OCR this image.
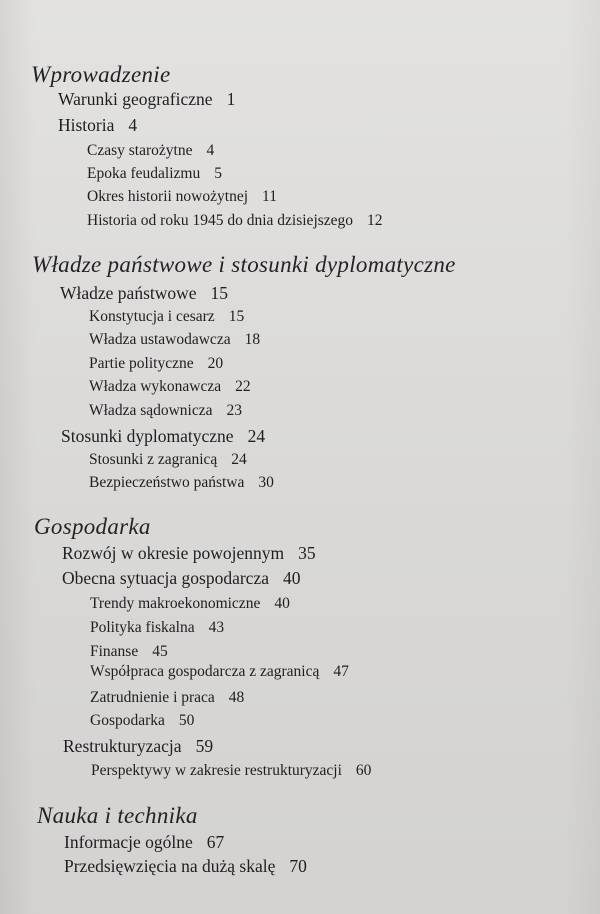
Wprowadzenie
Warunki geograficzne 1
Historia 4
Czasy starożytne 4
Epoka feudalizmu 5
Okres historii nowożytnej 11
Historia od roku 1945 do dnia dzisiejszego 12
Władze państwowe i stosunki dyplomatyczne
Władze państwowe 15
Konstytucja i cesarz 15
Władza ustawodawcza 18
Partie polityczne 20
Władza wykonawcza 22
Władza sądownicza 23
Stosunki dyplomatyczne 24
Stosunki z zagranicą 24
Bezpieczeństwo państwa 30
Gospodarka
Rozwój w okresie powojennym 35
Obecna sytuacja gospodarcza 40
Trendy makroekonomiczne 40
Polityka fiskalna 43
Finanse 45
Współpraca gospodarcza z zagranicą 47
Zatrudnienie i praca 48
Gospodarka 50
Restrukturyzacja 59
Perspektywy w zakresie restrukturyzacji 60
Nauka i technika
Informacje ogólne 67
Przedsięwzięcia na dużą skalę 70
